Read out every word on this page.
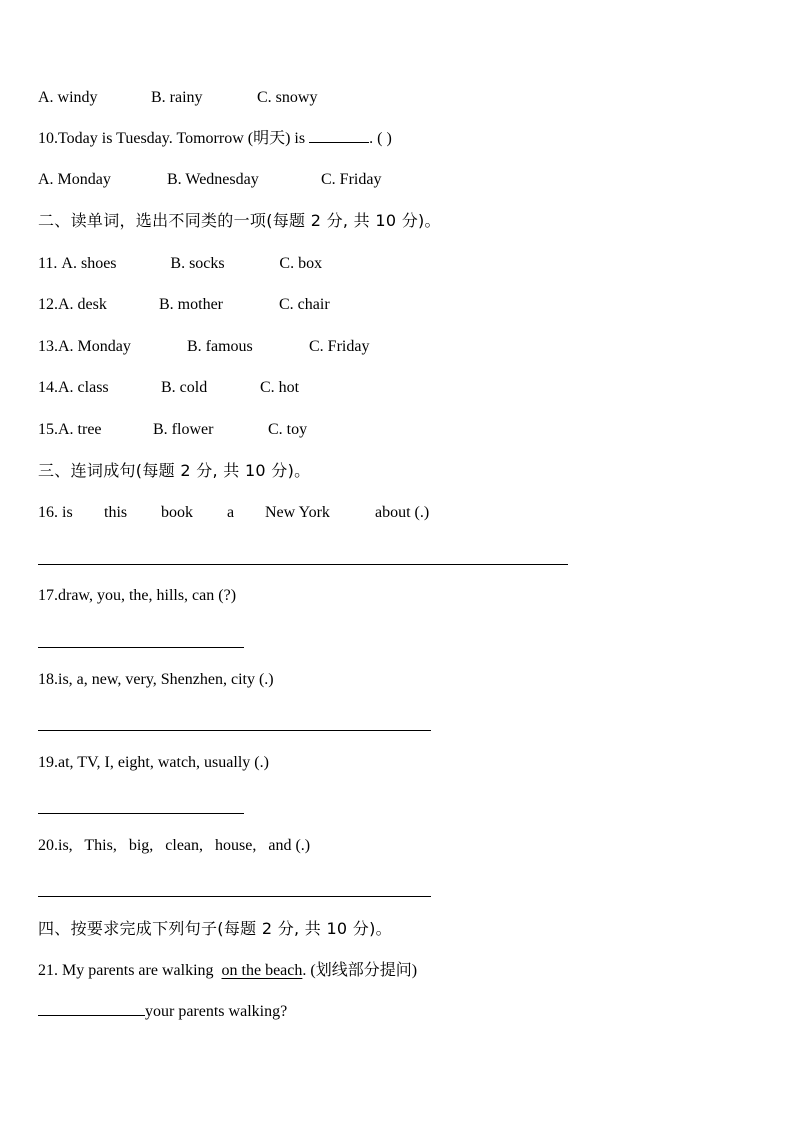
A. windy	B. rainy	C. snowy
10.Today is Tuesday. Tomorrow (明天) is	. ( )
A. Monday	B. Wednesday	C. Friday
二、读单词，选出不同类的一项(每题 2 分, 共 10 分)。
11. A. shoes	B. socks	C. box
12.A. desk	B. mother	C. chair
13.A. Monday	B. famous	C. Friday
14.A. class	B. cold	C. hot
15.A. tree	B. flower	C. toy
三、连词成句(每题 2 分, 共 10 分)。
16. is this book a New York	about (.)
17.draw, you, the, hills, can (?)
18.is, a, new, very, Shenzhen, city (.)
19.at, TV, I, eight, watch, usually (.)
20.is,   This,   big,   clean,   house,   and (.)
四、按要求完成下列句子(每题 2 分, 共 10 分)。
21. My parents are walking  on the beach. (划线部分提问)
your parents walking?
